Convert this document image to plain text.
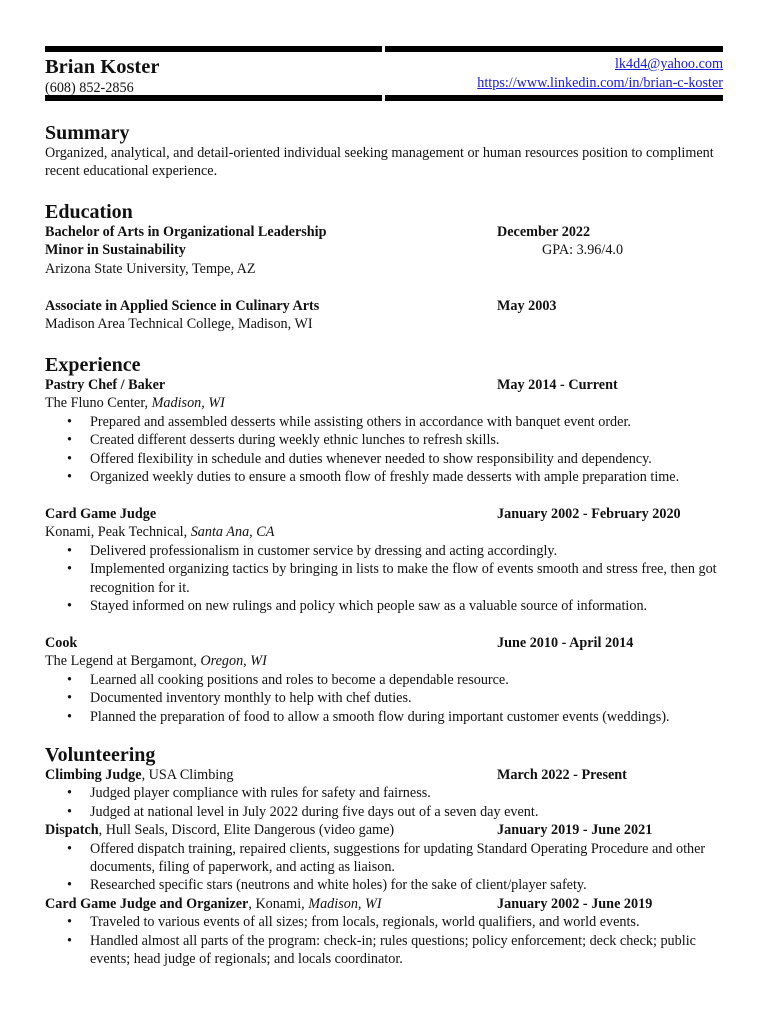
Brian Koster
(608) 852-2856
lk4d4@yahoo.com
https://www.linkedin.com/in/brian-c-koster
Summary

Organized, analytical, and detail-oriented individual seeking management or human resources position to compliment recent educational experience.

Education
Bachelor of Arts in Organizational Leadership	December 2022
Minor in Sustainability	GPA: 3.96/4.0
Arizona State University, Tempe, AZ
Associate in Applied Science in Culinary Arts	May 2003
Madison Area Technical College, Madison, WI
Experience
Pastry Chef / Baker	May 2014 - Current
The Fluno Center, Madison, WI
• Prepared and assembled desserts while assisting others in accordance with banquet event order.
• Created different desserts during weekly ethnic lunches to refresh skills.
• Offered flexibility in schedule and duties whenever needed to show responsibility and dependency.
• Organized weekly duties to ensure a smooth flow of freshly made desserts with ample preparation time.
Card Game Judge	January 2002 - February 2020
Konami, Peak Technical, Santa Ana, CA
• Delivered professionalism in customer service by dressing and acting accordingly.
• Implemented organizing tactics by bringing in lists to make the flow of events smooth and stress free, then got recognition for it.
• Stayed informed on new rulings and policy which people saw as a valuable source of information.
Cook	June 2010 - April 2014
The Legend at Bergamont, Oregon, WI
• Learned all cooking positions and roles to become a dependable resource.
• Documented inventory monthly to help with chef duties.
• Planned the preparation of food to allow a smooth flow during important customer events (weddings).
Volunteering
Climbing Judge, USA Climbing	March 2022 - Present
• Judged player compliance with rules for safety and fairness.
• Judged at national level in July 2022 during five days out of a seven day event.
Dispatch, Hull Seals, Discord, Elite Dangerous (video game)	January 2019 - June 2021
• Offered dispatch training, repaired clients, suggestions for updating Standard Operating Procedure and other documents, filing of paperwork, and acting as liaison.
• Researched specific stars (neutrons and white holes) for the sake of client/player safety.
Card Game Judge and Organizer, Konami, Madison, WI	January 2002 - June 2019
• Traveled to various events of all sizes; from locals, regionals, world qualifiers, and world events.
• Handled almost all parts of the program: check-in; rules questions; policy enforcement; deck check; public events; head judge of regionals; and locals coordinator.
